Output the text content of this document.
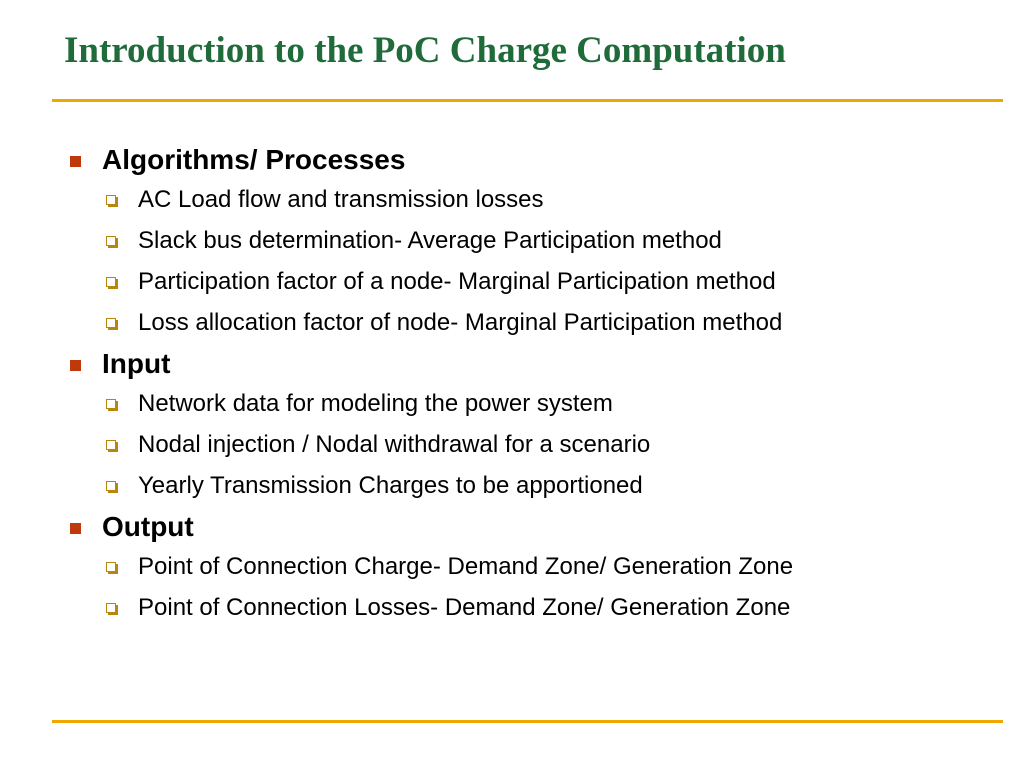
Introduction to the PoC Charge Computation
Algorithms/ Processes
AC Load flow and transmission losses
Slack bus determination- Average Participation method
Participation factor of a node- Marginal Participation method
Loss allocation factor of node- Marginal Participation method
Input
Network data for modeling the power system
Nodal injection / Nodal withdrawal for a scenario
Yearly Transmission Charges to be apportioned
Output
Point of Connection Charge- Demand Zone/ Generation Zone
Point of Connection Losses- Demand Zone/ Generation Zone
